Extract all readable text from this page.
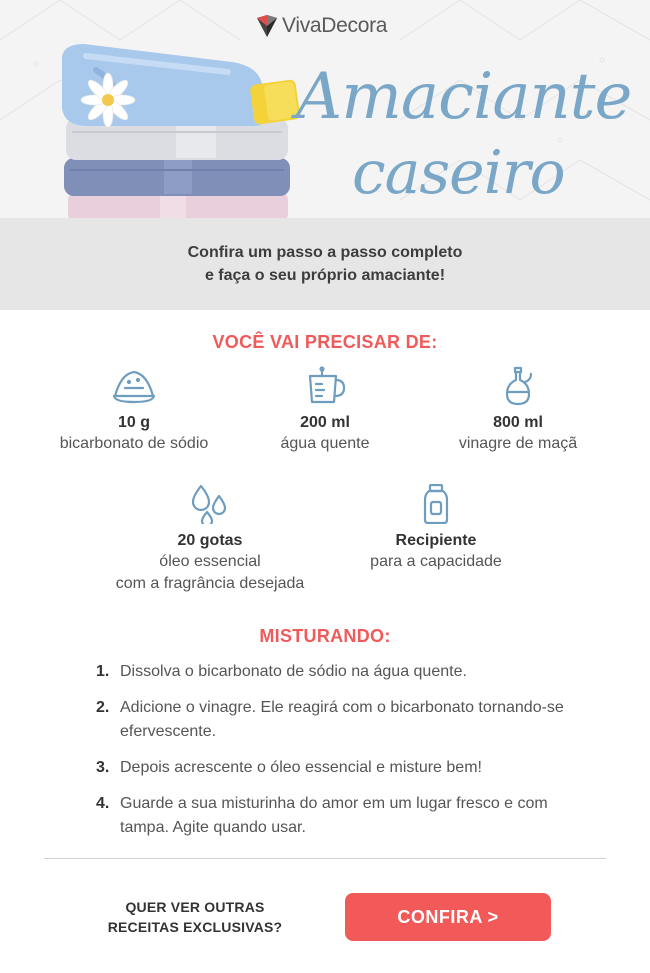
VivaDecora
Amaciante
caseiro
Confira um passo a passo completo
e faça o seu próprio amaciante!
VOCÊ VAI PRECISAR DE:
10 g
bicarbonato de sódio
200 ml
água quente
800 ml
vinagre de maçã
20 gotas
óleo essencial
com a fragrância desejada
Recipiente
para a capacidade
MISTURANDO:
1. Dissolva o bicarbonato de sódio na água quente.
2. Adicione o vinagre. Ele reagirá com o bicarbonato tornando-se efervescente.
3. Depois acrescente o óleo essencial e misture bem!
4. Guarde a sua misturinha do amor em um lugar fresco e com tampa. Agite quando usar.
QUER VER OUTRAS
RECEITAS EXCLUSIVAS?
CONFIRA >
